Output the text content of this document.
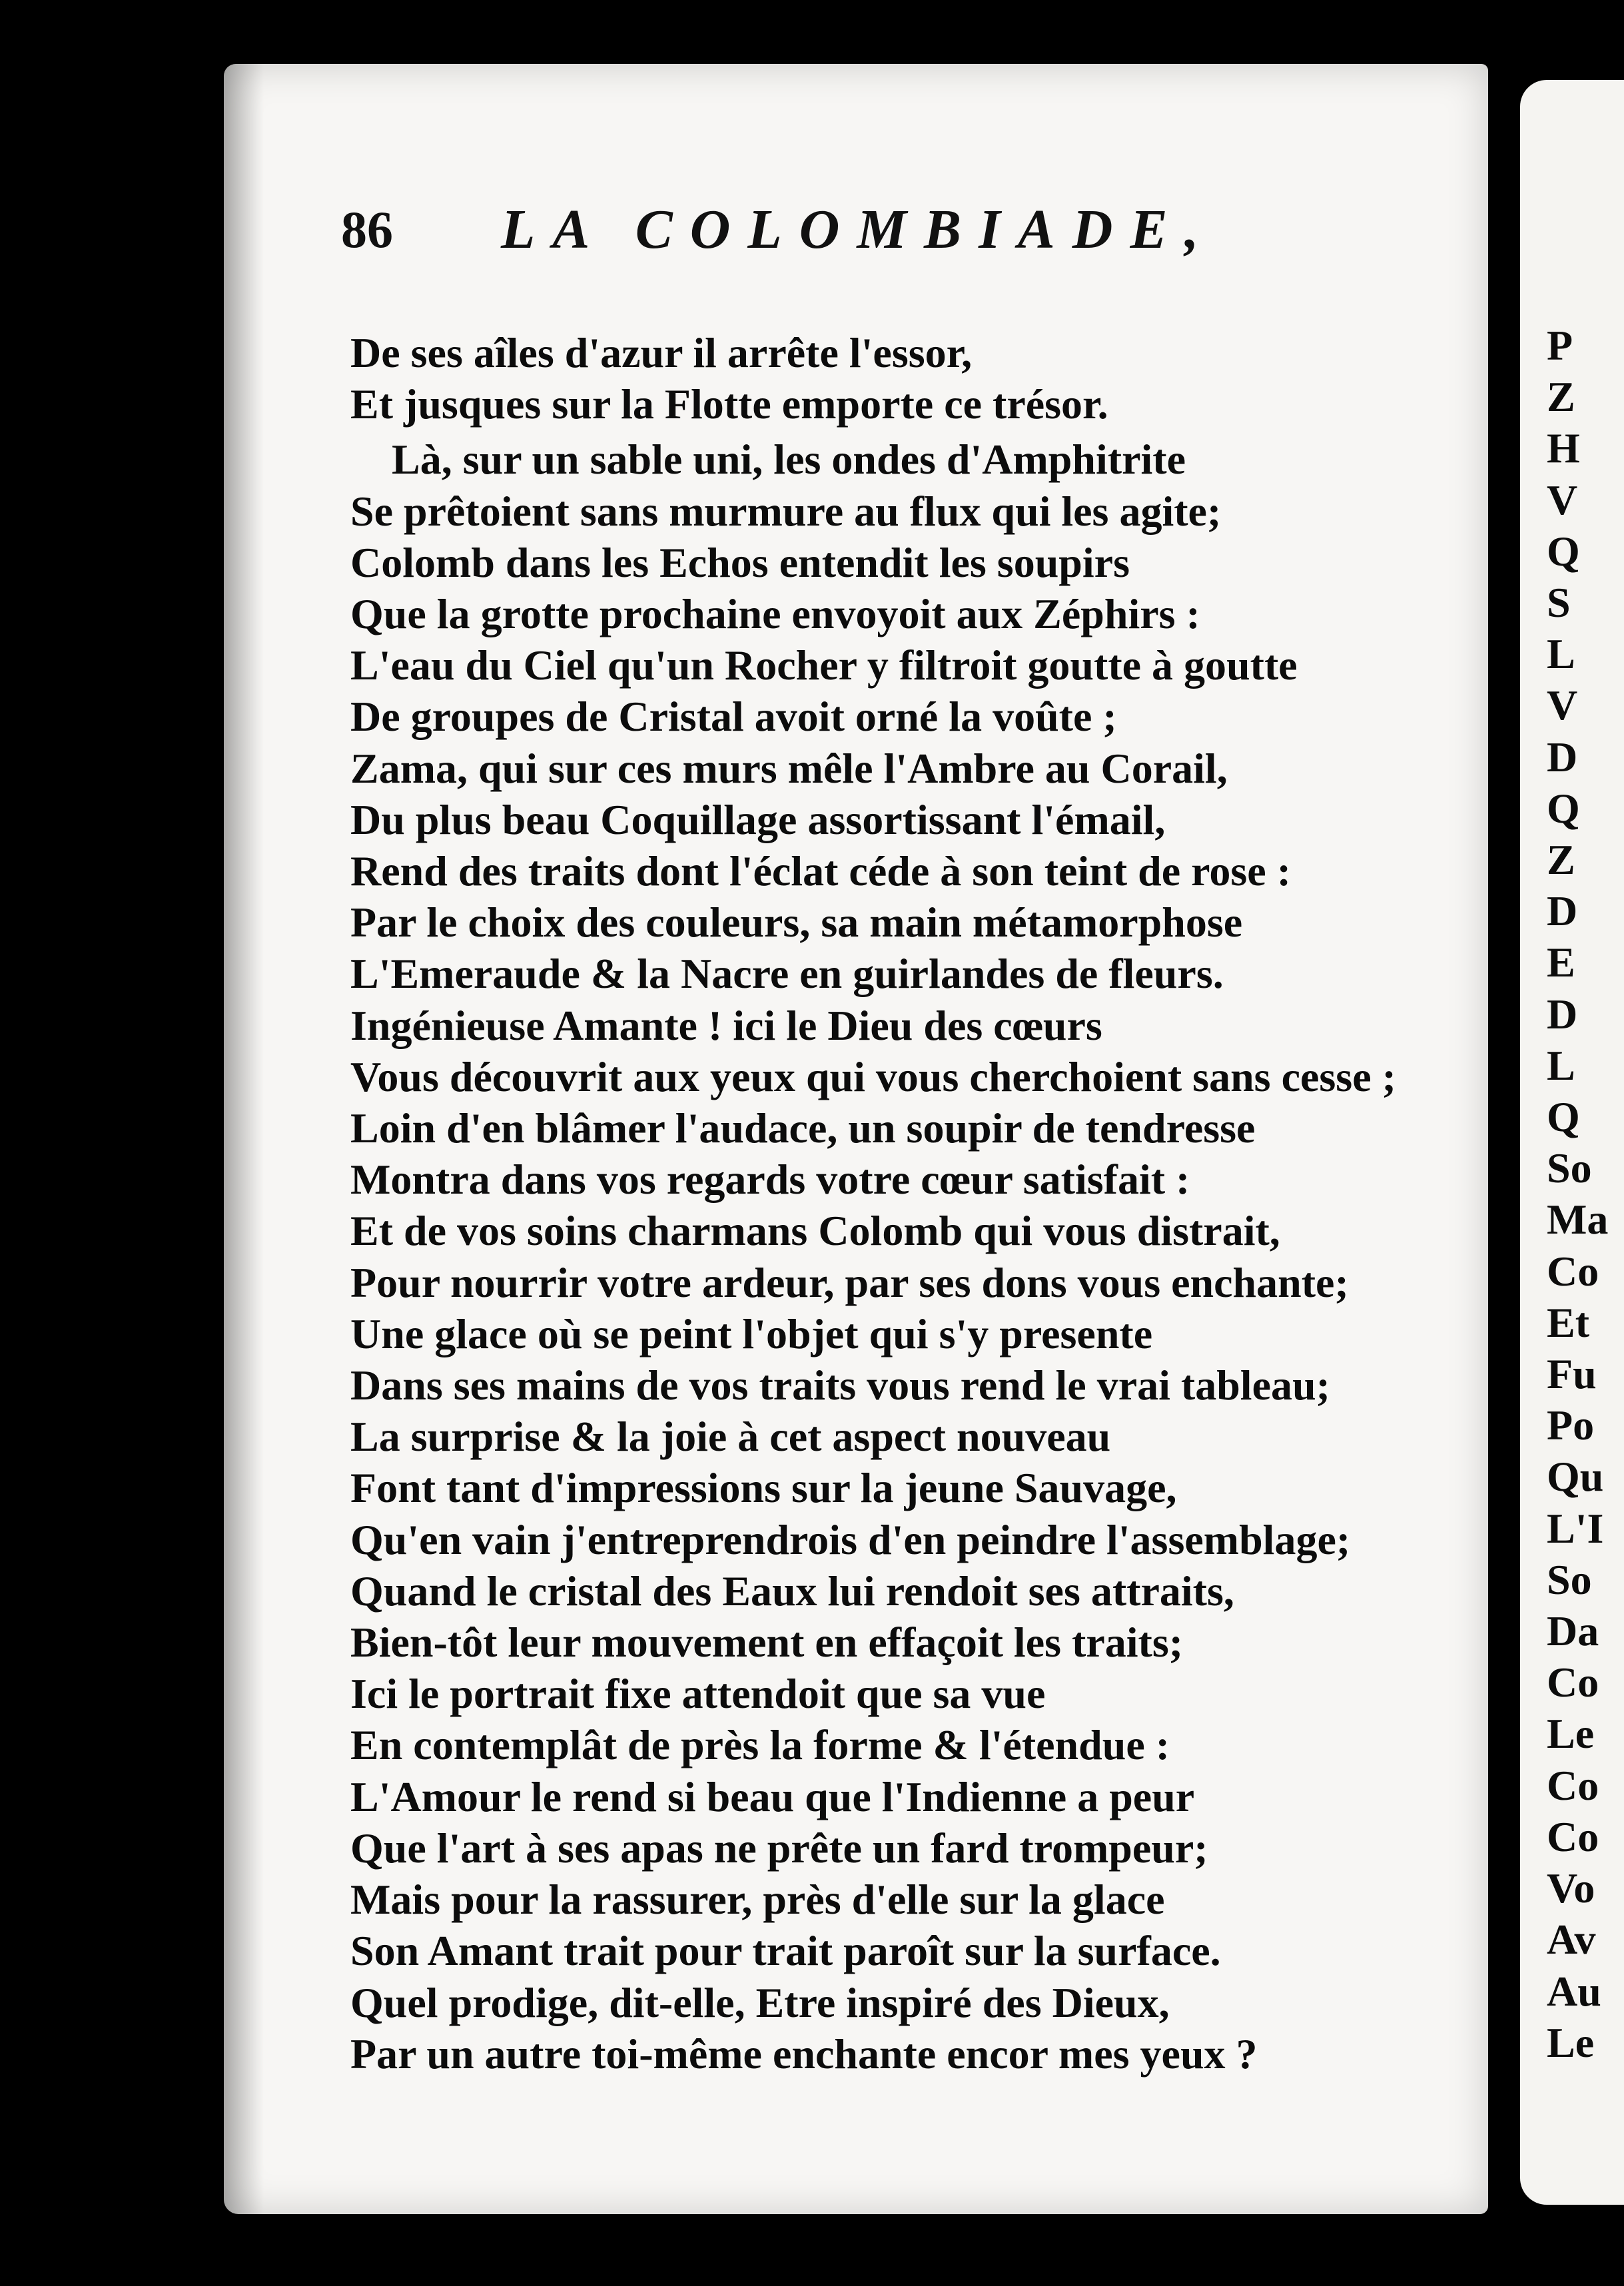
86 LA COLOMBIADE,
De ses aîles d'azur il arrête l'essor,
Et jusques sur la Flotte emporte ce trésor.
Là, sur un sable uni, les ondes d'Amphitrite
Se prêtoient sans murmure au flux qui les agite;
Colomb dans les Echos entendit les soupirs
Que la grotte prochaine envoyoit aux Zéphirs :
L'eau du Ciel qu'un Rocher y filtroit goutte à goutte
De groupes de Cristal avoit orné la voûte ;
Zama, qui sur ces murs mêle l'Ambre au Corail,
Du plus beau Coquillage assortissant l'émail,
Rend des traits dont l'éclat céde à son teint de rose :
Par le choix des couleurs, sa main métamorphose
L'Emeraude & la Nacre en guirlandes de fleurs.
Ingénieuse Amante ! ici le Dieu des cœurs
Vous découvrit aux yeux qui vous cherchoient sans cesse ;
Loin d'en blâmer l'audace, un soupir de tendresse
Montra dans vos regards votre cœur satisfait :
Et de vos soins charmans Colomb qui vous distrait,
Pour nourrir votre ardeur, par ses dons vous enchante;
Une glace où se peint l'objet qui s'y presente
Dans ses mains de vos traits vous rend le vrai tableau;
La surprise & la joie à cet aspect nouveau
Font tant d'impressions sur la jeune Sauvage,
Qu'en vain j'entreprendrois d'en peindre l'assemblage;
Quand le cristal des Eaux lui rendoit ses attraits,
Bien-tôt leur mouvement en effaçoit les traits;
Ici le portrait fixe attendoit que sa vue
En contemplât de près la forme & l'étendue :
L'Amour le rend si beau que l'Indienne a peur
Que l'art à ses apas ne prête un fard trompeur;
Mais pour la rassurer, près d'elle sur la glace
Son Amant trait pour trait paroît sur la surface.
Quel prodige, dit-elle, Etre inspiré des Dieux,
Par un autre toi-même enchante encor mes yeux ?
P
Z
H
V
Q
S
L
V
D
Q
Z
D
E
D
L
Q
So
Ma
Co
Et
Fu
Po
Qu
L'I
So
Da
Co
Le
Co
Co
Vo
Av
Au
Le
